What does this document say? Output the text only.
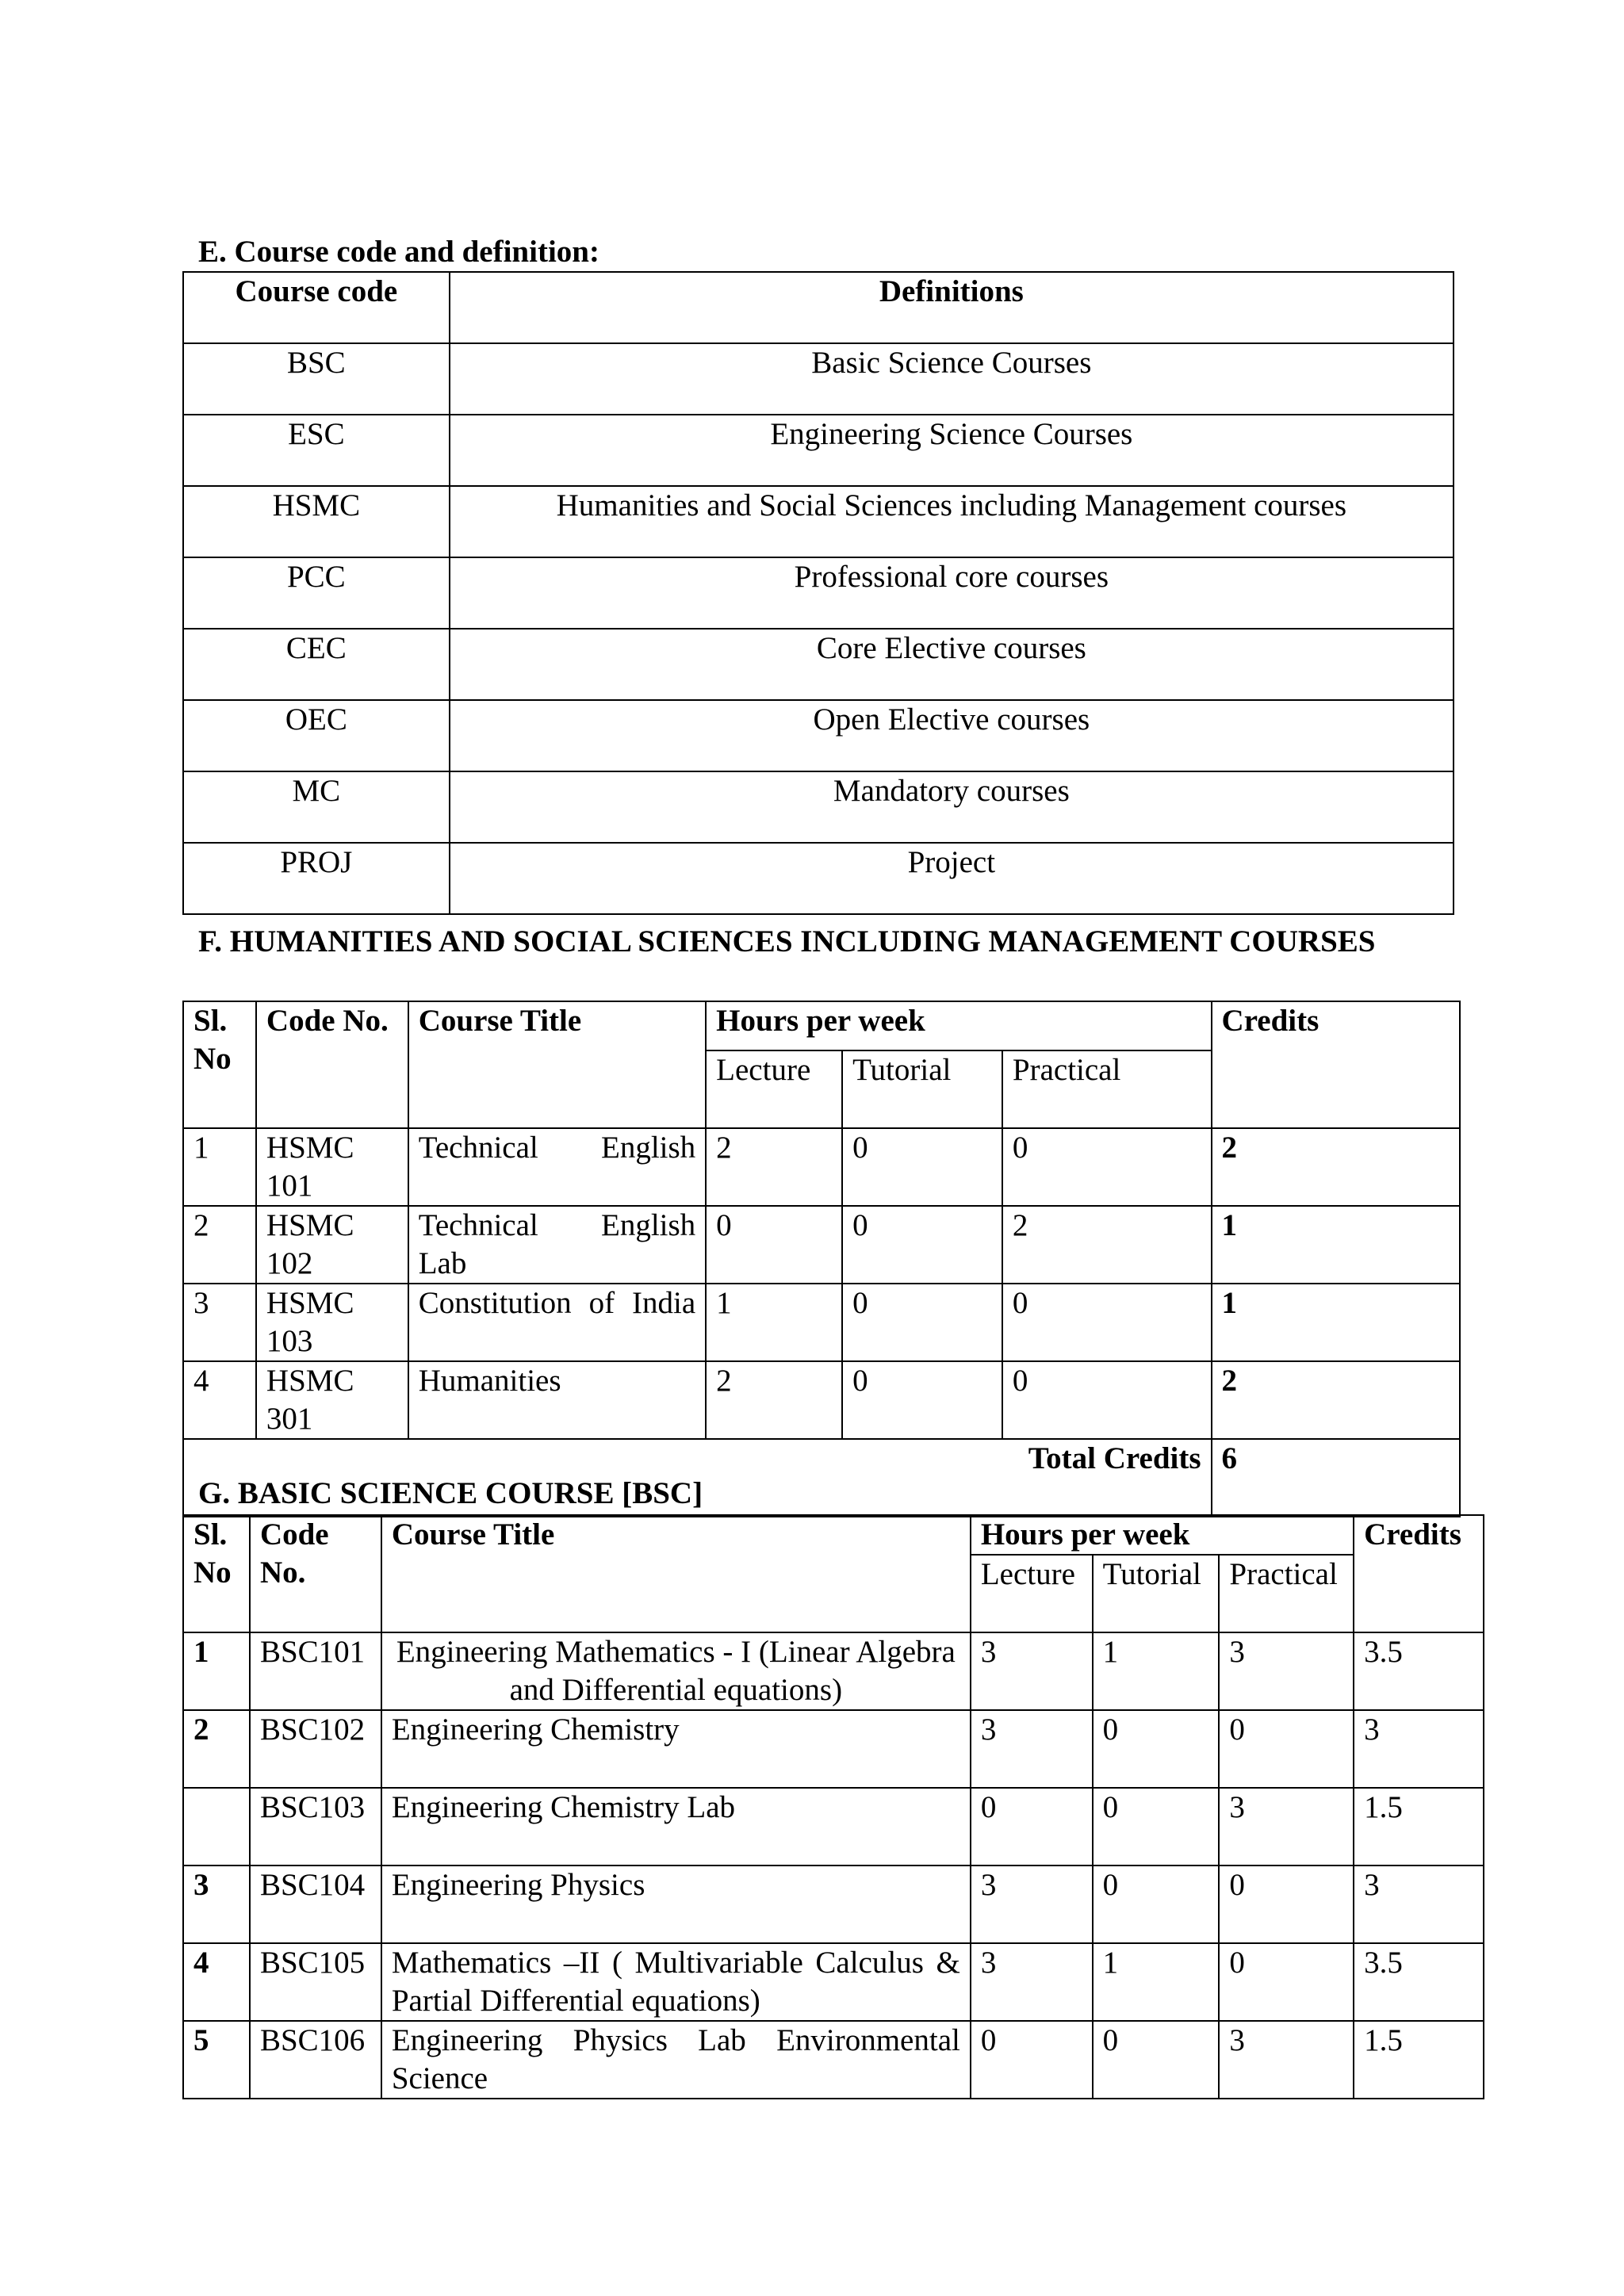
E. Course code and definition:
Course code	Definitions
BSC	Basic Science Courses
ESC	Engineering Science Courses
HSMC	Humanities and Social Sciences including Management courses
PCC	Professional core courses
CEC	Core Elective courses
OEC	Open Elective courses
MC	Mandatory courses
PROJ	Project
F. HUMANITIES AND SOCIAL SCIENCES INCLUDING MANAGEMENT COURSES
Sl. No	Code No.	Course Title	Hours per week			Credits
			Lecture	Tutorial	Practical	
1	HSMC 101	Technical English	2	0	0	2
2	HSMC 102	Technical English Lab	0	0	2	1
3	HSMC 103	Constitution of India	1	0	0	1
4	HSMC 301	Humanities	2	0	0	2
Total Credits						6
G. BASIC SCIENCE COURSE [BSC]
Sl. No	Code No.	Course Title	Hours per week			Credits
			Lecture	Tutorial	Practical	
1	BSC101	Engineering Mathematics - I (Linear Algebra and Differential equations)	3	1	3	3.5
2	BSC102	Engineering Chemistry	3	0	0	3
	BSC103	Engineering Chemistry Lab	0	0	3	1.5
3	BSC104	Engineering Physics	3	0	0	3
4	BSC105	Mathematics –II ( Multivariable Calculus & Partial Differential equations)	3	1	0	3.5
5	BSC106	Engineering Physics Lab Environmental Science	0	0	3	1.5
